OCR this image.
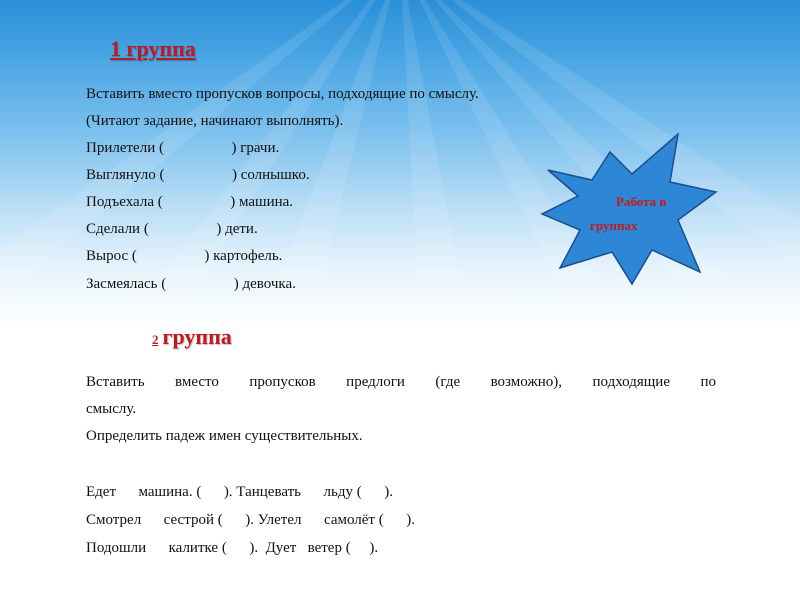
1 группа
Вставить вместо пропусков вопросы, подходящие по смыслу.
(Читают задание, начинают выполнять).
Прилетели (                  ) грачи.
Выглянуло (                  ) солнышко.
Подъехала (                  ) машина.
Сделали (                  ) дети.
Вырос (                  ) картофель.
Засмеялась (                  ) девочка.
Работа в
группах
2 группа
Вставить вместо пропусков предлоги (где возможно), подходящие по
смыслу.
Определить падеж имен существительных.
Едет      машина. (      ). Танцевать      льду (      ).
Смотрел      сестрой (      ). Улетел      самолёт (      ).
Подошли      калитке (      ).  Дует   ветер (     ).
